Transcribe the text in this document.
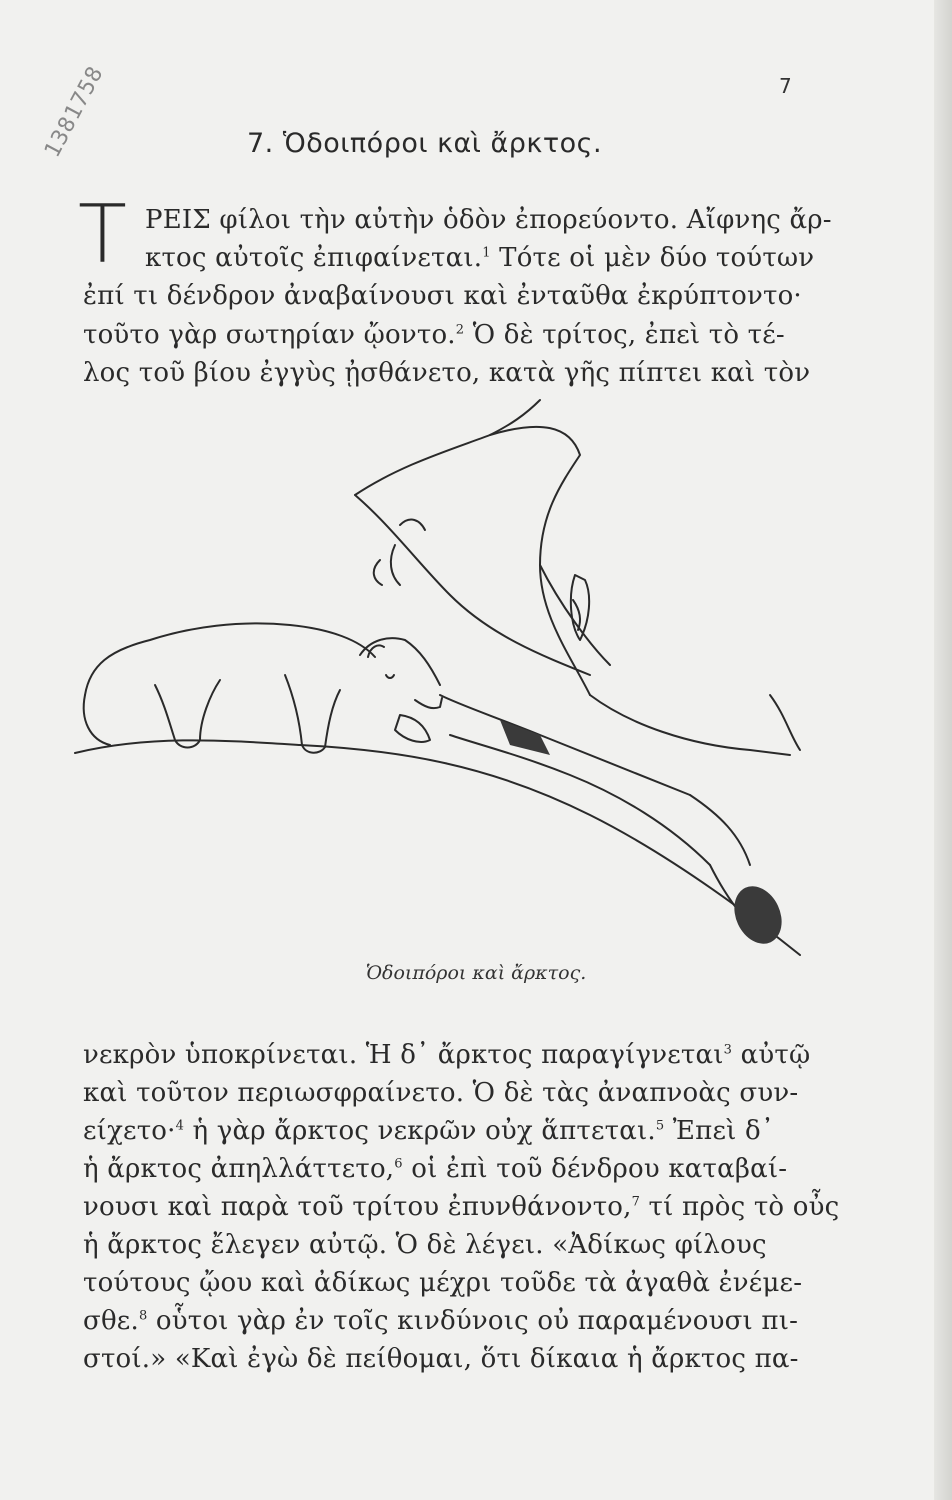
7
1381758	7. Ὁδοιπόροι καὶ ἄρκτος.
Τ ΡΕΙΣ φίλοι τὴν αὐτὴν ὁδὸν ἐπορεύοντο. Αἴφνης ἄρ-
κτος αὐτοῖς ἐπιφαίνεται.$^1$ Τότε οἱ μὲν δύο τούτων
ἐπί τι δένδρον ἀναβαίνουσι καὶ ἐνταῦθα ἐκρύπτοντο·
τοῦτο γὰρ σωτηρίαν ᾤοντο.$^2$ Ὁ δὲ τρίτος, ἐπεὶ τὸ τέ-
λος τοῦ βίου ἐγγὺς ᾐσθάνετο, κατὰ γῆς πίπτει καὶ τὸν
Ὁδοιπόροι καὶ ἄρκτος.
νεκρὸν ὑποκρίνεται. Ἡ δ᾽ ἄρκτος παραγίγνεται$^3$ αὐτῷ
καὶ τοῦτον περιωσφραίνετο. Ὁ δὲ τὰς ἀναπνοὰς συν-
είχετο·$^4$ ἡ γὰρ ἄρκτος νεκρῶν οὐχ ἅπτεται.$^5$ Ἐπεὶ δ᾽
ἡ ἄρκτος ἀπηλλάττετο,$^6$ οἱ ἐπὶ τοῦ δένδρου καταβαί-
νουσι καὶ παρὰ τοῦ τρίτου ἐπυνθάνοντο,$^7$ τί πρὸς τὸ οὖς
ἡ ἄρκτος ἔλεγεν αὐτῷ. Ὁ δὲ λέγει. «Ἀδίκως φίλους
τούτους ᾤου καὶ ἀδίκως μέχρι τοῦδε τὰ ἀγαθὰ ἐνέμε-
σθε.$^8$ οὗτοι γὰρ ἐν τοῖς κινδύνοις οὐ παραμένουσι πι-
στοί.» «Καὶ ἐγὼ δὲ πείθομαι, ὅτι δίκαια ἡ ἄρκτος πα-
